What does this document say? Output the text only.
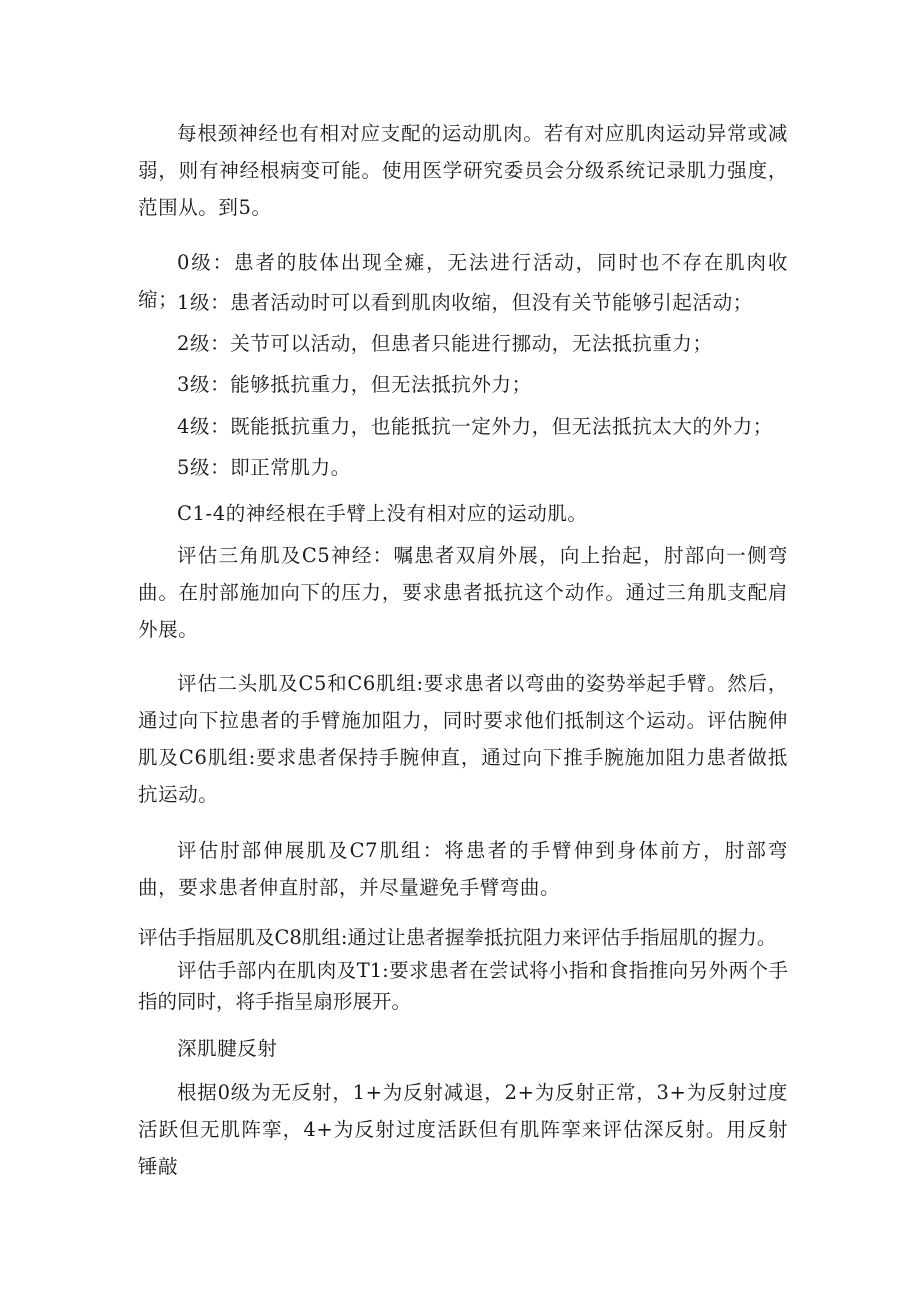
每根颈神经也有相对应支配的运动肌肉。若有对应肌肉运动异常或减弱，则有神经根病变可能。使用医学研究委员会分级系统记录肌力强度，范围从。到5。

0级：患者的肢体出现全瘫，无法进行活动，同时也不存在肌肉收缩；

1级：患者活动时可以看到肌肉收缩，但没有关节能够引起活动；

2级：关节可以活动，但患者只能进行挪动，无法抵抗重力；

3级：能够抵抗重力，但无法抵抗外力；

4级：既能抵抗重力，也能抵抗一定外力，但无法抵抗太大的外力；

5级：即正常肌力。

C1-4的神经根在手臂上没有相对应的运动肌。

评估三角肌及C5神经：嘱患者双肩外展，向上抬起，肘部向一侧弯曲。在肘部施加向下的压力，要求患者抵抗这个动作。通过三角肌支配肩外展。

评估二头肌及C5和C6肌组:要求患者以弯曲的姿势举起手臂。然后，通过向下拉患者的手臂施加阻力，同时要求他们抵制这个运动。评估腕伸肌及C6肌组:要求患者保持手腕伸直，通过向下推手腕施加阻力患者做抵抗运动。

评估肘部伸展肌及C7肌组：将患者的手臂伸到身体前方，肘部弯曲，要求患者伸直肘部，并尽量避免手臂弯曲。

评估手指屈肌及C8肌组:通过让患者握拳抵抗阻力来评估手指屈肌的握力。

评估手部内在肌肉及T1:要求患者在尝试将小指和食指推向另外两个手指的同时，将手指呈扇形展开。

深肌腱反射

根据0级为无反射，1+为反射减退，2+为反射正常，3+为反射过度活跃但无肌阵挛，4+为反射过度活跃但有肌阵挛来评估深反射。用反射锤敲
